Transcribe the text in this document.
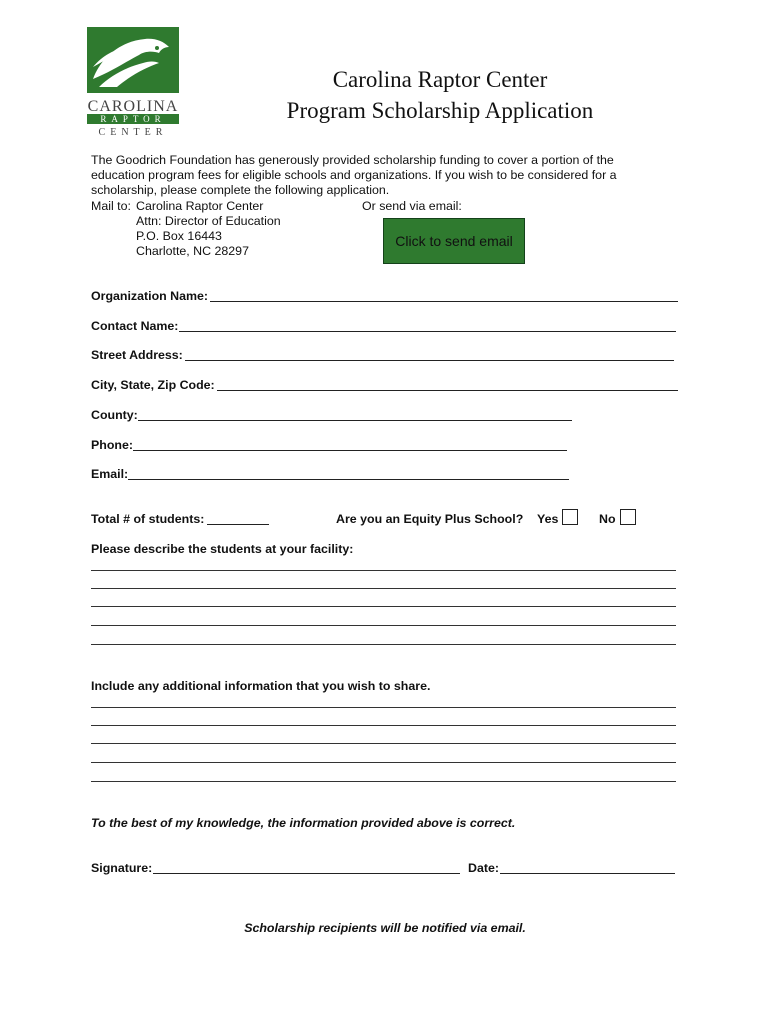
CAROLINA
RAPTOR
CENTER
Carolina Raptor Center
Program Scholarship Application
The Goodrich Foundation has generously provided scholarship funding to cover a portion of the
education program fees for eligible schools and organizations. If you wish to be considered for a
scholarship, please complete the following application.
Mail to: Carolina Raptor Center
Attn: Director of Education
P.O. Box 16443
Charlotte, NC 28297
Or send via email:
Click to send email
Organization Name:
Contact Name:
Street Address:
City, State, Zip Code:
County:
Phone:
Email:
Total # of students:	Are you an Equity Plus School? Yes	No
Please describe the students at your facility:
Include any additional information that you wish to share.
To the best of my knowledge, the information provided above is correct.
Signature:	Date:
Scholarship recipients will be notified via email.
